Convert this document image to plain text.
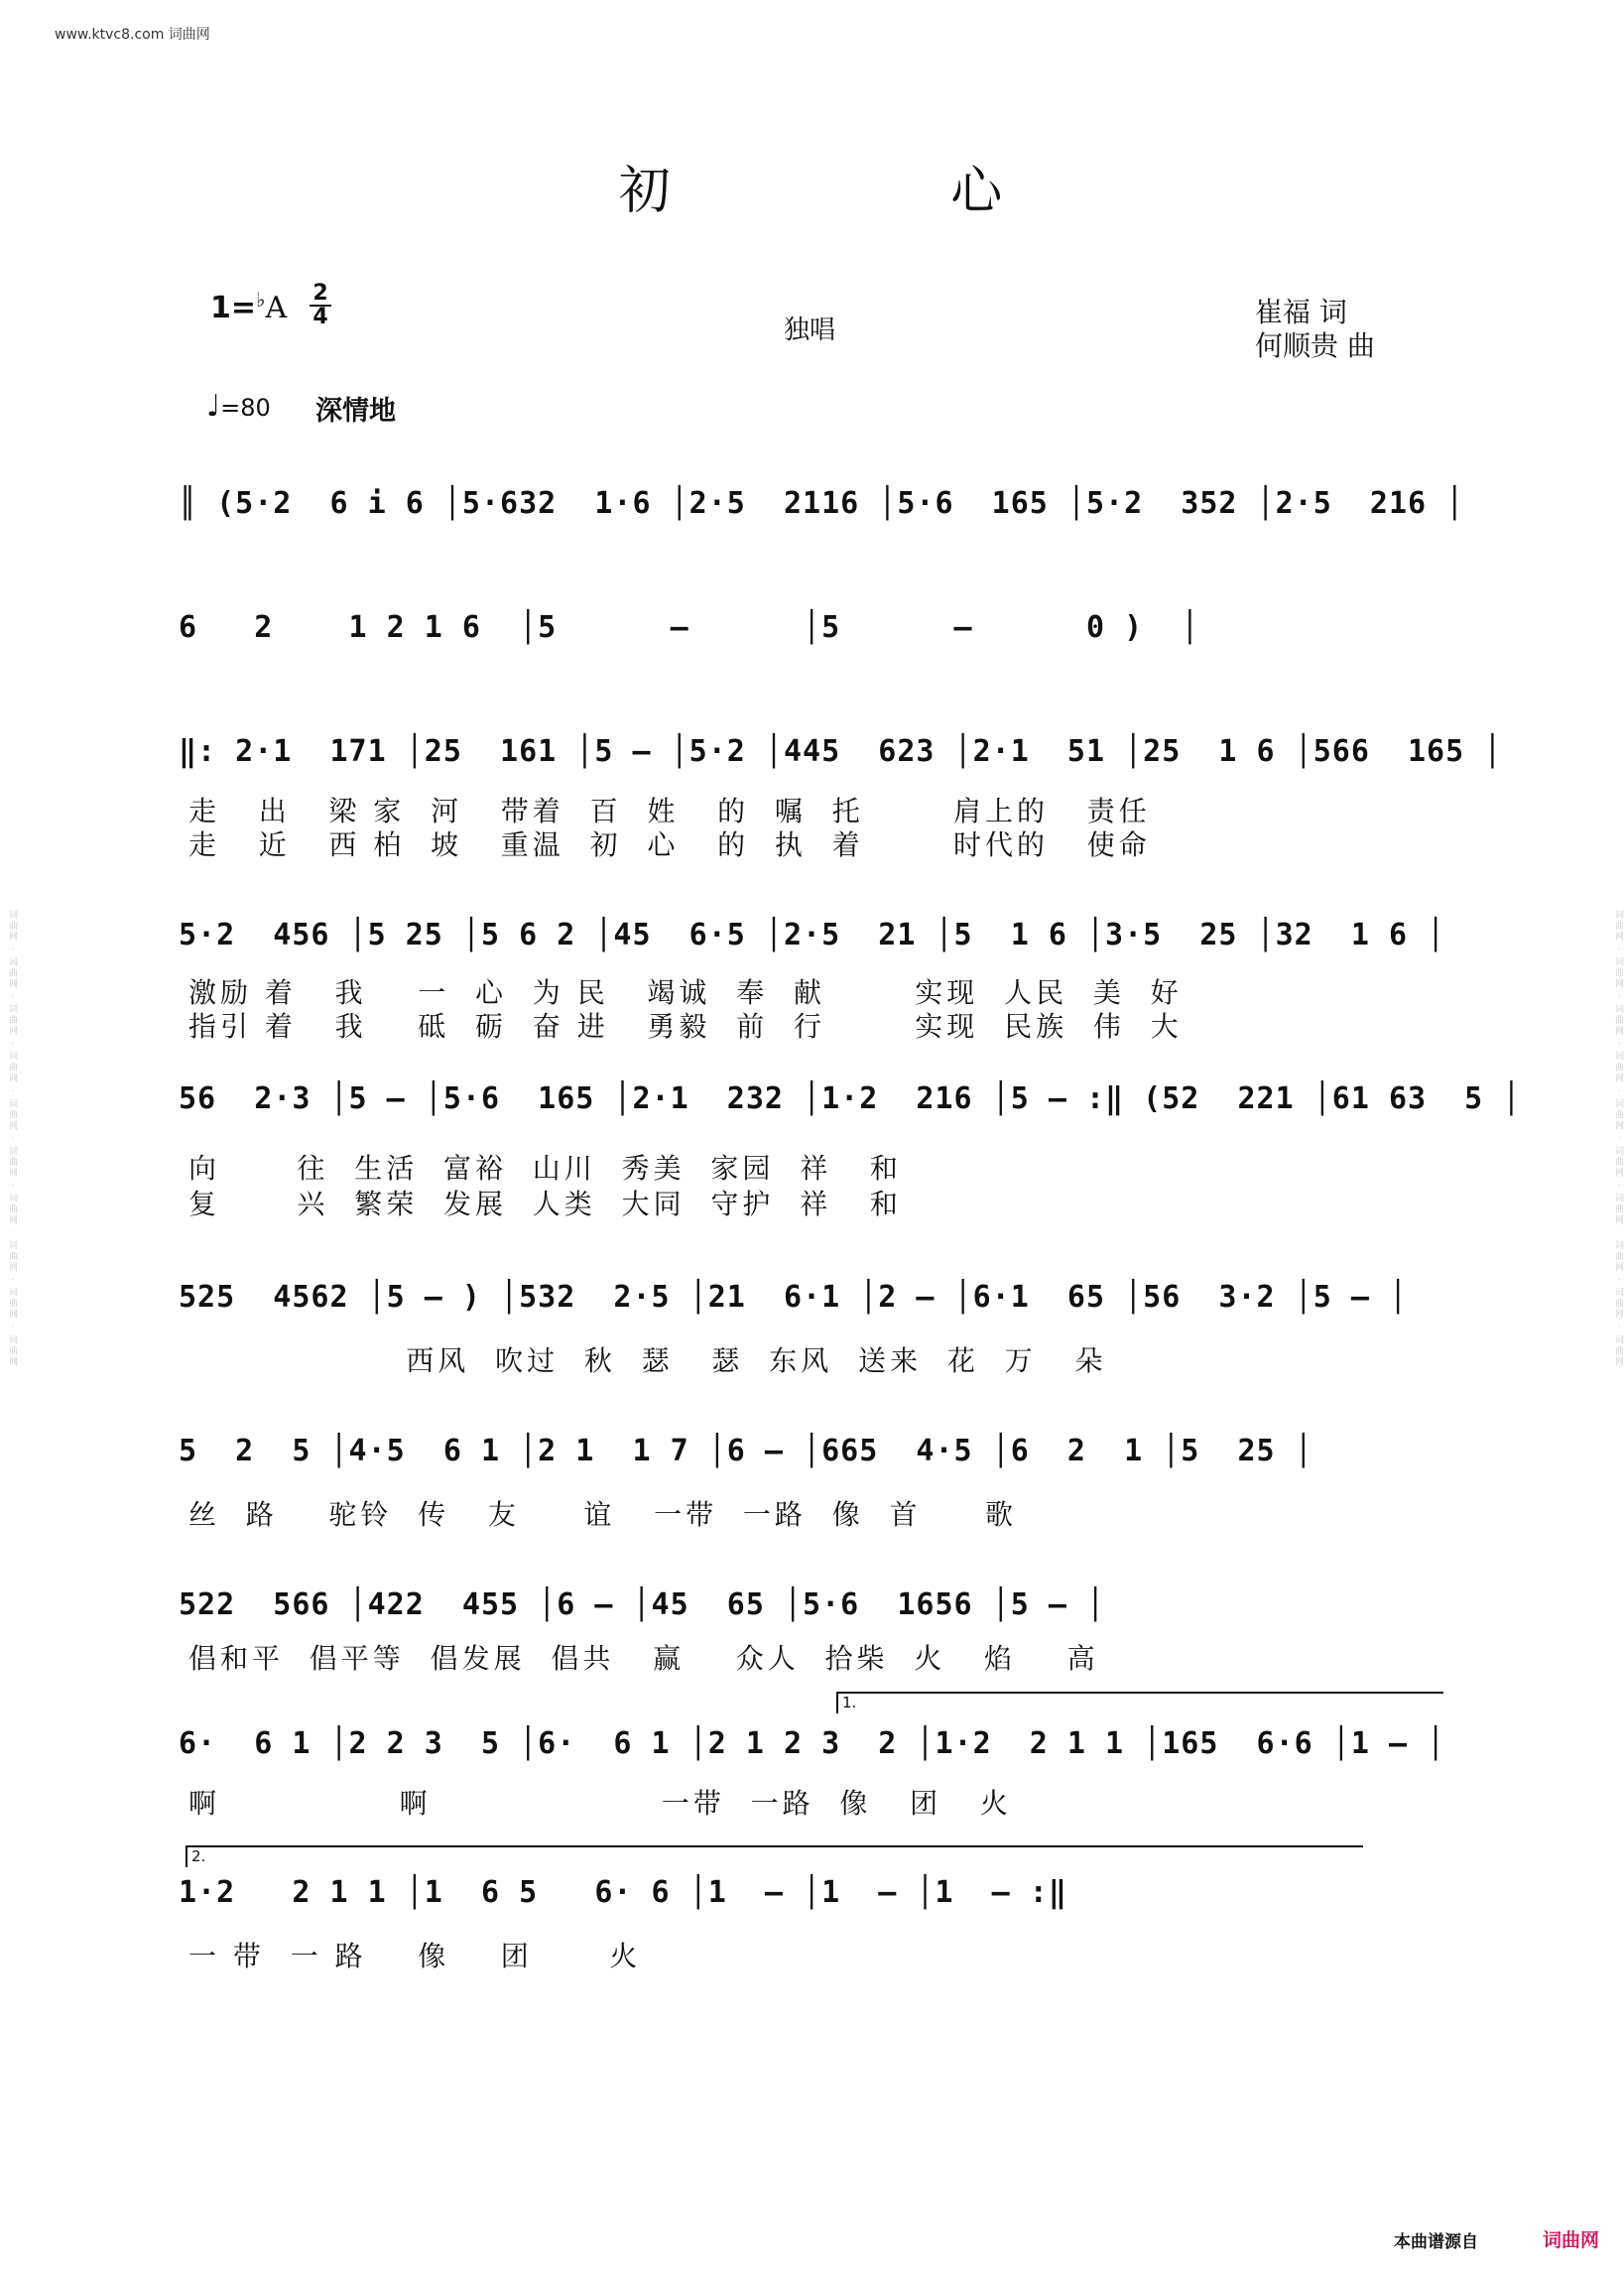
www.ktvc8.com 词曲网
词曲网 · 词曲网 · 词曲网 · 词曲网 · 词曲网 · 词曲网 · 词曲网 · 词曲网 · 词曲网 · 词曲网
词曲网 · 词曲网 · 词曲网 · 词曲网 · 词曲网 · 词曲网 · 词曲网 · 词曲网 · 词曲网 · 词曲网
初 心
1=♭A 2
4	独唱
崔福 词
何顺贵 曲
♩=80 深情地
║ (5·2  6 i 6 │5·632  1·6 │2·5  2116 │5·6  165 │5·2  352 │2·5  216 │
6   2    1 2 1 6  │5      –      │5      –      0 )  │
‖: 2·1  171 │25  161 │5 – │5·2 │445  623 │2·1  51 │25  1 6 │566  165 │
走   出   梁 家  河   带着  百  姓   的  嘱  托       肩上的   责任
走   近   西 柏  坡   重温  初  心   的  执  着       时代的   使命
5·2  456 │5 25 │5 6 2 │45  6·5 │2·5  21 │5  1 6 │3·5  25 │32  1 6 │
激励 着   我    一  心  为 民   竭诚  奉  献       实现  人民  美  好
指引 着   我    砥  砺  奋 进   勇毅  前  行       实现  民族  伟  大
56  2·3 │5 – │5·6  165 │2·1  232 │1·2  216 │5 – :‖ (52  221 │61 63  5 │
向      往  生活  富裕  山川  秀美  家园  祥   和
复      兴  繁荣  发展  人类  大同  守护  祥   和
525  4562 │5 – ) │532  2·5 │21  6·1 │2 – │6·1  65 │56  3·2 │5 – │
西风  吹过  秋  瑟   瑟  东风  送来  花  万   朵
5  2  5 │4·5  6 1 │2 1  1 7 │6 – │665  4·5 │6  2  1 │5  25 │
丝  路    驼铃  传   友     谊   一带  一路  像  首     歌
522  566 │422  455 │6 – │45  65 │5·6  1656 │5 – │
倡和平  倡平等  倡发展  倡共   赢    众人  拾柴  火   焰    高
1.
6·  6 1 │2 2 3  5 │6·  6 1 │2 1 2 3  2 │1·2  2 1 1 │165  6·6 │1 – │
啊              啊                  一带  一路  像   团   火
2.
1·2   2 1 1 │1  6 5   6· 6 │1  – │1  – │1  – :‖
一 带  一 路    像    团      火
本曲谱源自	词曲网
